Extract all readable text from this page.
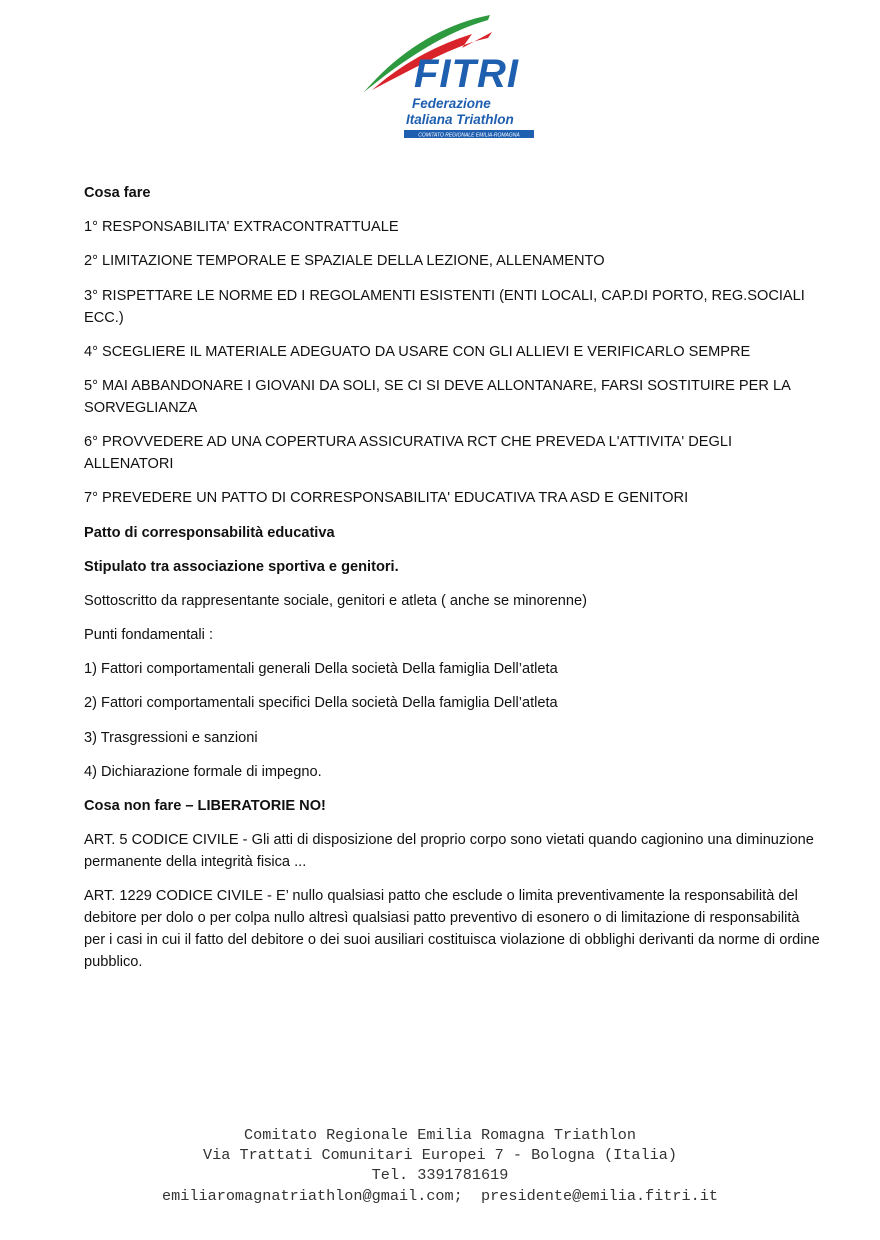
FITRI
Federazione
Italiana Triathlon
COMITATO REGIONALE EMILIA-ROMAGNA

Cosa fare

1° RESPONSABILITA' EXTRACONTRATTUALE

2° LIMITAZIONE TEMPORALE E SPAZIALE DELLA LEZIONE, ALLENAMENTO

3° RISPETTARE LE NORME ED I REGOLAMENTI ESISTENTI (ENTI LOCALI, CAP.DI PORTO, REG.SOCIALI ECC.)

4° SCEGLIERE IL MATERIALE ADEGUATO DA USARE CON GLI ALLIEVI E VERIFICARLO SEMPRE

5° MAI ABBANDONARE I GIOVANI DA SOLI, SE CI SI DEVE ALLONTANARE, FARSI SOSTITUIRE PER LA SORVEGLIANZA

6° PROVVEDERE AD UNA COPERTURA ASSICURATIVA RCT CHE PREVEDA L'ATTIVITA' DEGLI ALLENATORI

7° PREVEDERE UN PATTO DI CORRESPONSABILITA' EDUCATIVA TRA ASD E GENITORI

Patto di corresponsabilità educativa

Stipulato tra associazione sportiva e genitori.

Sottoscritto da rappresentante sociale, genitori e atleta ( anche se minorenne)

Punti fondamentali :

1) Fattori comportamentali generali Della società Della famiglia Dell’atleta

2) Fattori comportamentali specifici Della società Della famiglia Dell’atleta

3) Trasgressioni e sanzioni

4) Dichiarazione formale di impegno.

Cosa non fare – LIBERATORIE NO!

ART. 5 CODICE CIVILE - Gli atti di disposizione del proprio corpo sono vietati quando cagionino una diminuzione permanente della integrità fisica ...

ART. 1229 CODICE CIVILE - E’ nullo qualsiasi patto che esclude o limita preventivamente la responsabilità del debitore per dolo o per colpa nullo altresì qualsiasi patto preventivo di esonero o di limitazione di responsabilità per i casi in cui il fatto del debitore o dei suoi ausiliari costituisca violazione di obblighi derivanti da norme di ordine pubblico.

Comitato Regionale Emilia Romagna Triathlon
Via Trattati Comunitari Europei 7 - Bologna (Italia)
Tel. 3391781619
emiliaromagnatriathlon@gmail.com;  presidente@emilia.fitri.it
